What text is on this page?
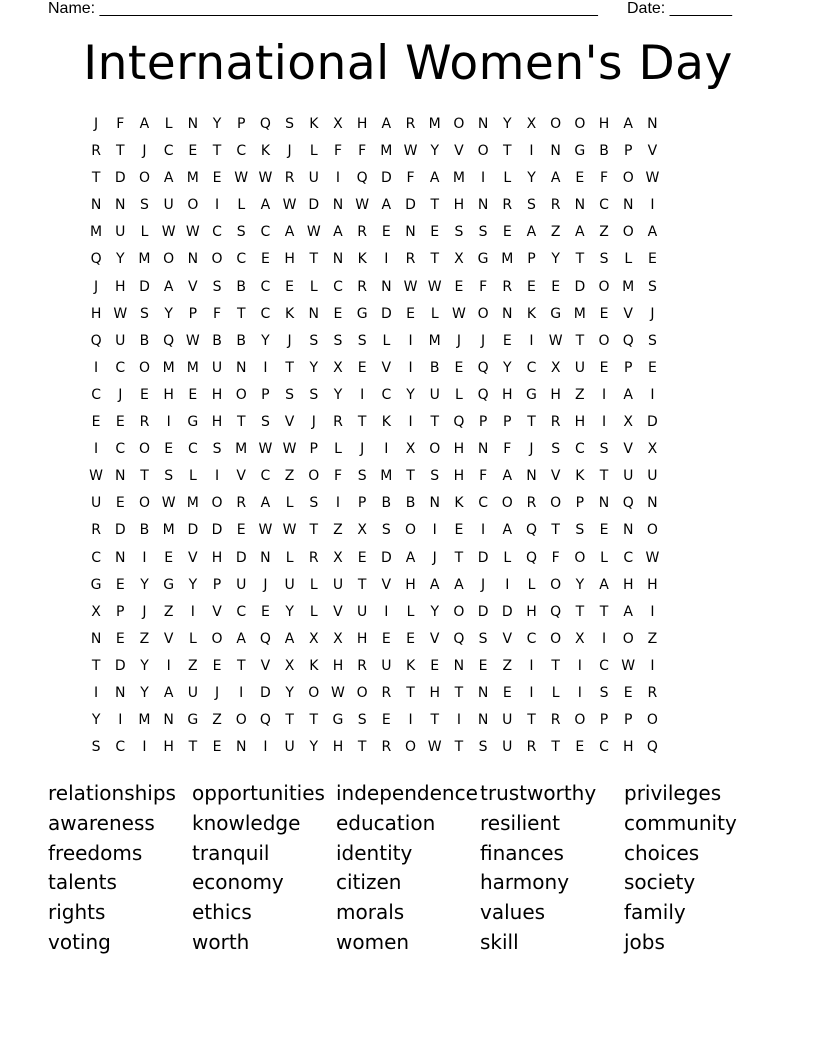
Name: ________________________________________________________ Date: _______
International Women's Day
J	F	A	L	N	Y	P	Q	S	K	X	H	A	R M O N	Y	X O O H	A	N
R	T	J	C	E	T	C	K	J	L	F	F	M W Y	V O	T	I	N G B	P	V
T	D O A M E W W R	U	I	Q D	F	A M	I	L	Y	A	E	F	O W
N N	S	U O	I	L	A W D N W A	D	T	H N	R	S	R	N	C	N	I
M U	L W W C	S	C	A W A	R	E	N	E	S	S	E	A	Z	A	Z O A
Q	Y M O N O C	E	H	T	N	K	I	R	T	X G M P	Y	T	S	L	E
J	H D	A	V	S	B	C	E	L	C	R	N W W E	F	R	E	E	D O M S
H W S	Y	P	F	T	C	K	N	E	G D	E	L W O N	K	G M E	V	J
Q U	B Q W B	B	Y	J	S	S	S	L	I	M	J	J	E	I	W T	O Q	S
I	C O M M U N	I	T	Y	X	E	V	I	B	E	Q	Y	C	X	U	E	P	E
C	J	E	H	E	H O	P	S	S	Y	I	C	Y	U	L	Q H G H	Z	I	A	I
E	E	R	I	G H	T	S	V	J	R	T	K	I	T	Q	P	P	T	R	H	I	X	D
I	C O	E	C	S M W W P	L	J	I	X O H N	F	J	S	C	S	V	X
W N	T	S	L	I	V	C	Z O	F	S M T	S	H	F	A	N	V	K	T	U U
U	E	O W M O R	A	L	S	I	P	B	B	N	K	C O R O	P	N Q N
R D B M D D	E W W T	Z	X	S	O	I	E	I	A Q	T	S	E	N O
C	N	I	E	V	H D N	L	R	X	E	D	A	J	T	D	L	Q	F	O	L	C W
G	E	Y	G	Y	P	U	J	U	L	U	T	V	H	A	A	J	I	L	O	Y	A	H H
X	P	J	Z	I	V	C	E	Y	L	V	U	I	L	Y	O D D H Q	T	T	A	I
N	E	Z	V	L	O A Q A	X	X	H	E	E	V Q	S	V	C O X	I	O Z
T	D	Y	I	Z	E	T	V	X	K	H	R	U	K	E	N	E	Z	I	T	I	C W	I
I	N	Y	A	U	J	I	D	Y	O W O R	T	H	T	N	E	I	L	I	S	E	R
Y	I	M N G Z O Q	T	T	G	S	E	I	T	I	N U	T	R O	P	P	O
S	C	I	H	T	E	N	I	U	Y	H	T	R O W T	S	U	R	T	E	C	H Q
relationships opportunities independence trustworthy	privileges
awareness	knowledge	education	resilient	community
freedoms	tranquil	identity	finances	choices
talents	economy	citizen	harmony	society
rights	ethics	morals	values	family
voting	worth	women	skill	jobs
